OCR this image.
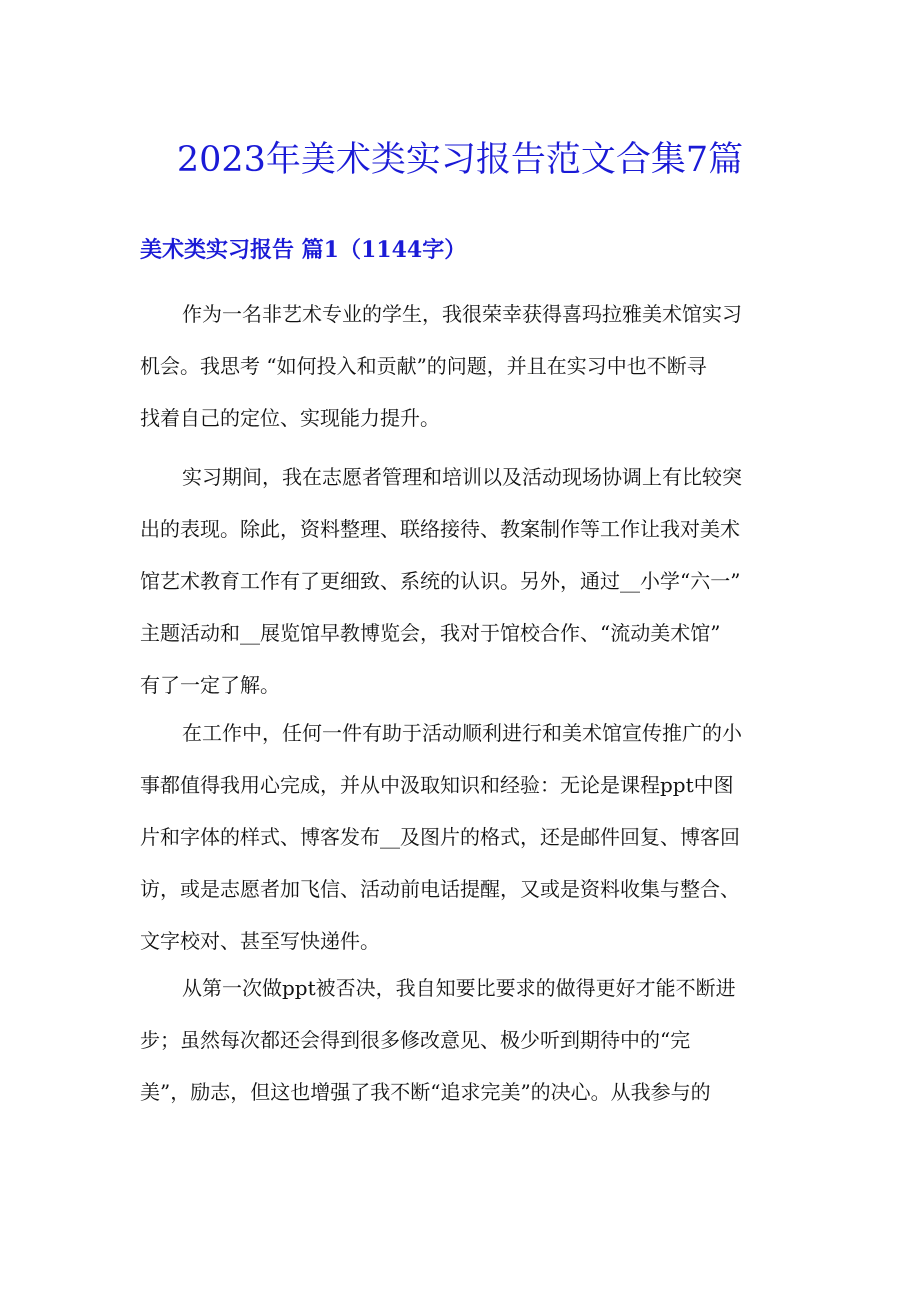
2023年美术类实习报告范文合集7篇
美术类实习报告 篇1（1144字）
作为一名非艺术专业的学生，我很荣幸获得喜玛拉雅美术馆实习
机会。我思考 “如何投入和贡献”的问题，并且在实习中也不断寻
找着自己的定位、实现能力提升。
实习期间，我在志愿者管理和培训以及活动现场协调上有比较突
出的表现。除此，资料整理、联络接待、教案制作等工作让我对美术
馆艺术教育工作有了更细致、系统的认识。另外，通过__小学“六一”
主题活动和__展览馆早教博览会，我对于馆校合作、“流动美术馆”
有了一定了解。
在工作中，任何一件有助于活动顺利进行和美术馆宣传推广的小
事都值得我用心完成，并从中汲取知识和经验：无论是课程ppt中图
片和字体的样式、博客发布__及图片的格式，还是邮件回复、博客回
访，或是志愿者加飞信、活动前电话提醒，又或是资料收集与整合、
文字校对、甚至写快递件。
从第一次做ppt被否决，我自知要比要求的做得更好才能不断进
步；虽然每次都还会得到很多修改意见、极少听到期待中的“完
美”，励志，但这也增强了我不断“追求完美”的决心。从我参与的
